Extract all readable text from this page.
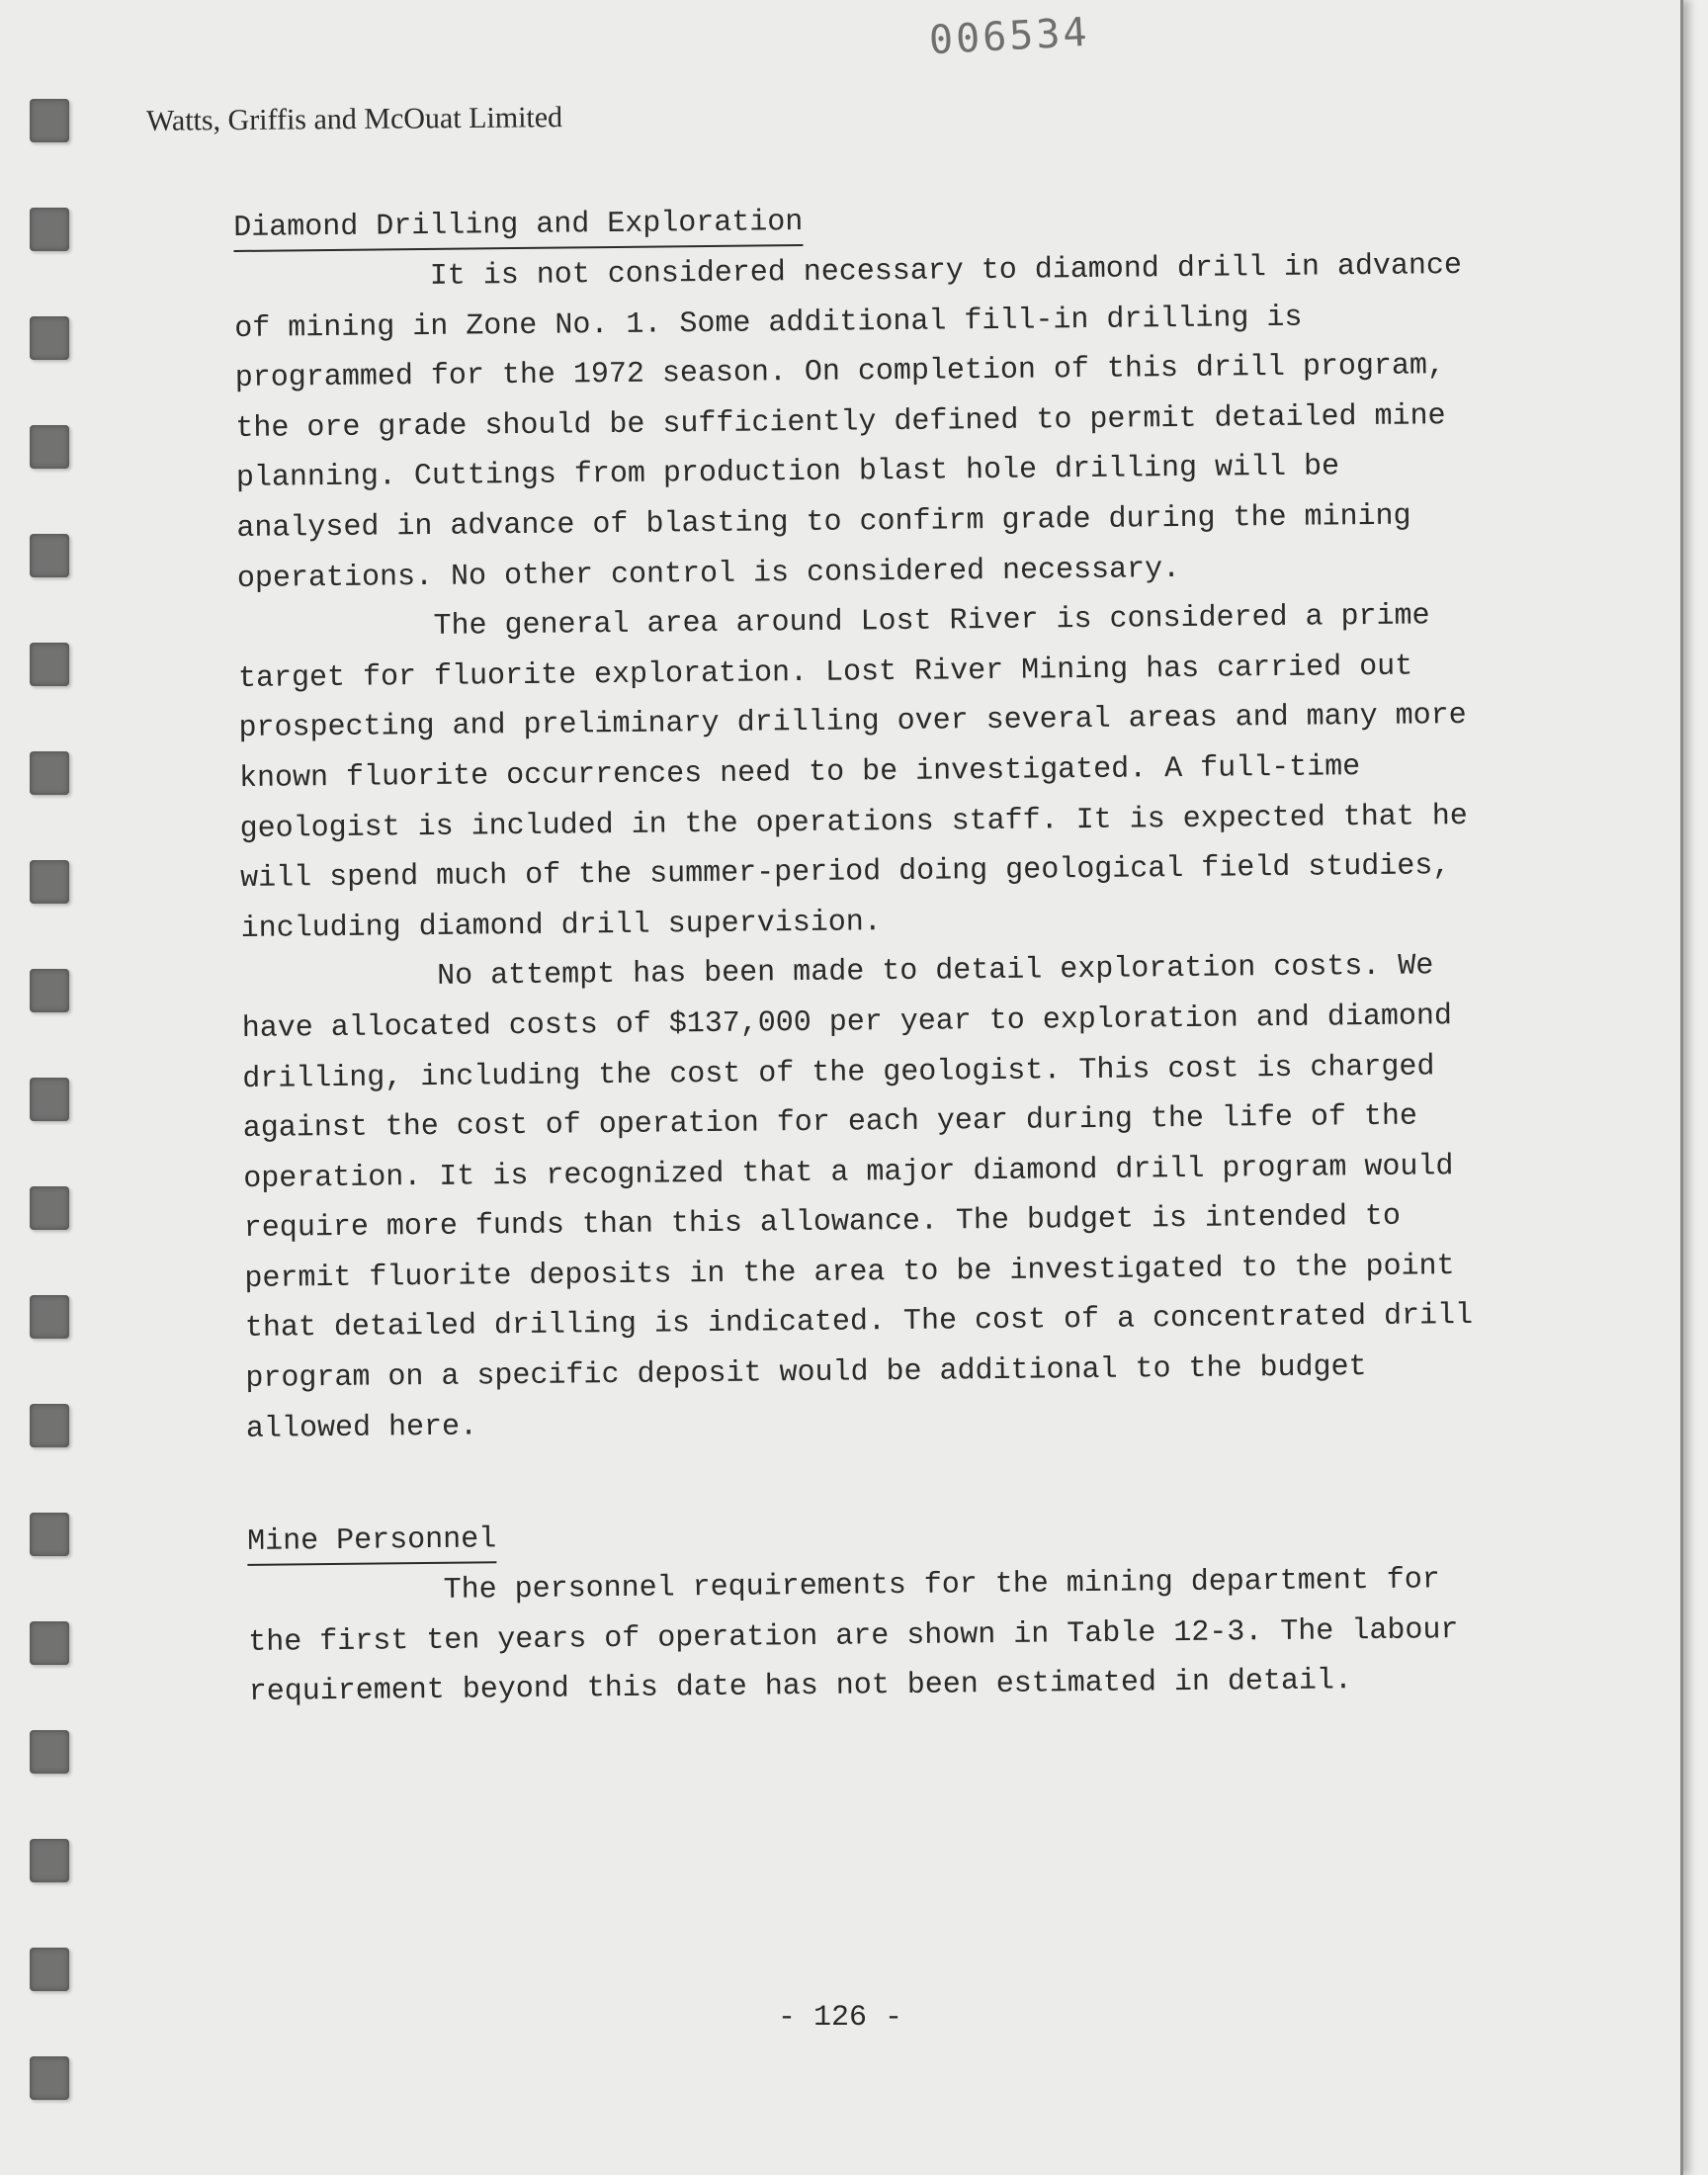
006534
Watts, Griffis and McOuat Limited
Diamond Drilling and Exploration

It is not considered necessary to diamond drill in advance of mining in Zone No. 1. Some additional fill-in drilling is programmed for the 1972 season. On completion of this drill program, the ore grade should be sufficiently defined to permit detailed mine planning. Cuttings from production blast hole drilling will be analysed in advance of blasting to confirm grade during the mining operations. No other control is considered necessary.

The general area around Lost River is considered a prime target for fluorite exploration. Lost River Mining has carried out prospecting and preliminary drilling over several areas and many more known fluorite occurrences need to be investigated. A full-time geologist is included in the operations staff. It is expected that he will spend much of the summer-period doing geological field studies, including diamond drill supervision.

No attempt has been made to detail exploration costs. We have allocated costs of $137,000 per year to exploration and diamond drilling, including the cost of the geologist. This cost is charged against the cost of operation for each year during the life of the operation. It is recognized that a major diamond drill program would require more funds than this allowance. The budget is intended to permit fluorite deposits in the area to be investigated to the point that detailed drilling is indicated. The cost of a concentrated drill program on a specific deposit would be additional to the budget allowed here.

Mine Personnel

The personnel requirements for the mining department for the first ten years of operation are shown in Table 12-3. The labour requirement beyond this date has not been estimated in detail.

- 126 -
